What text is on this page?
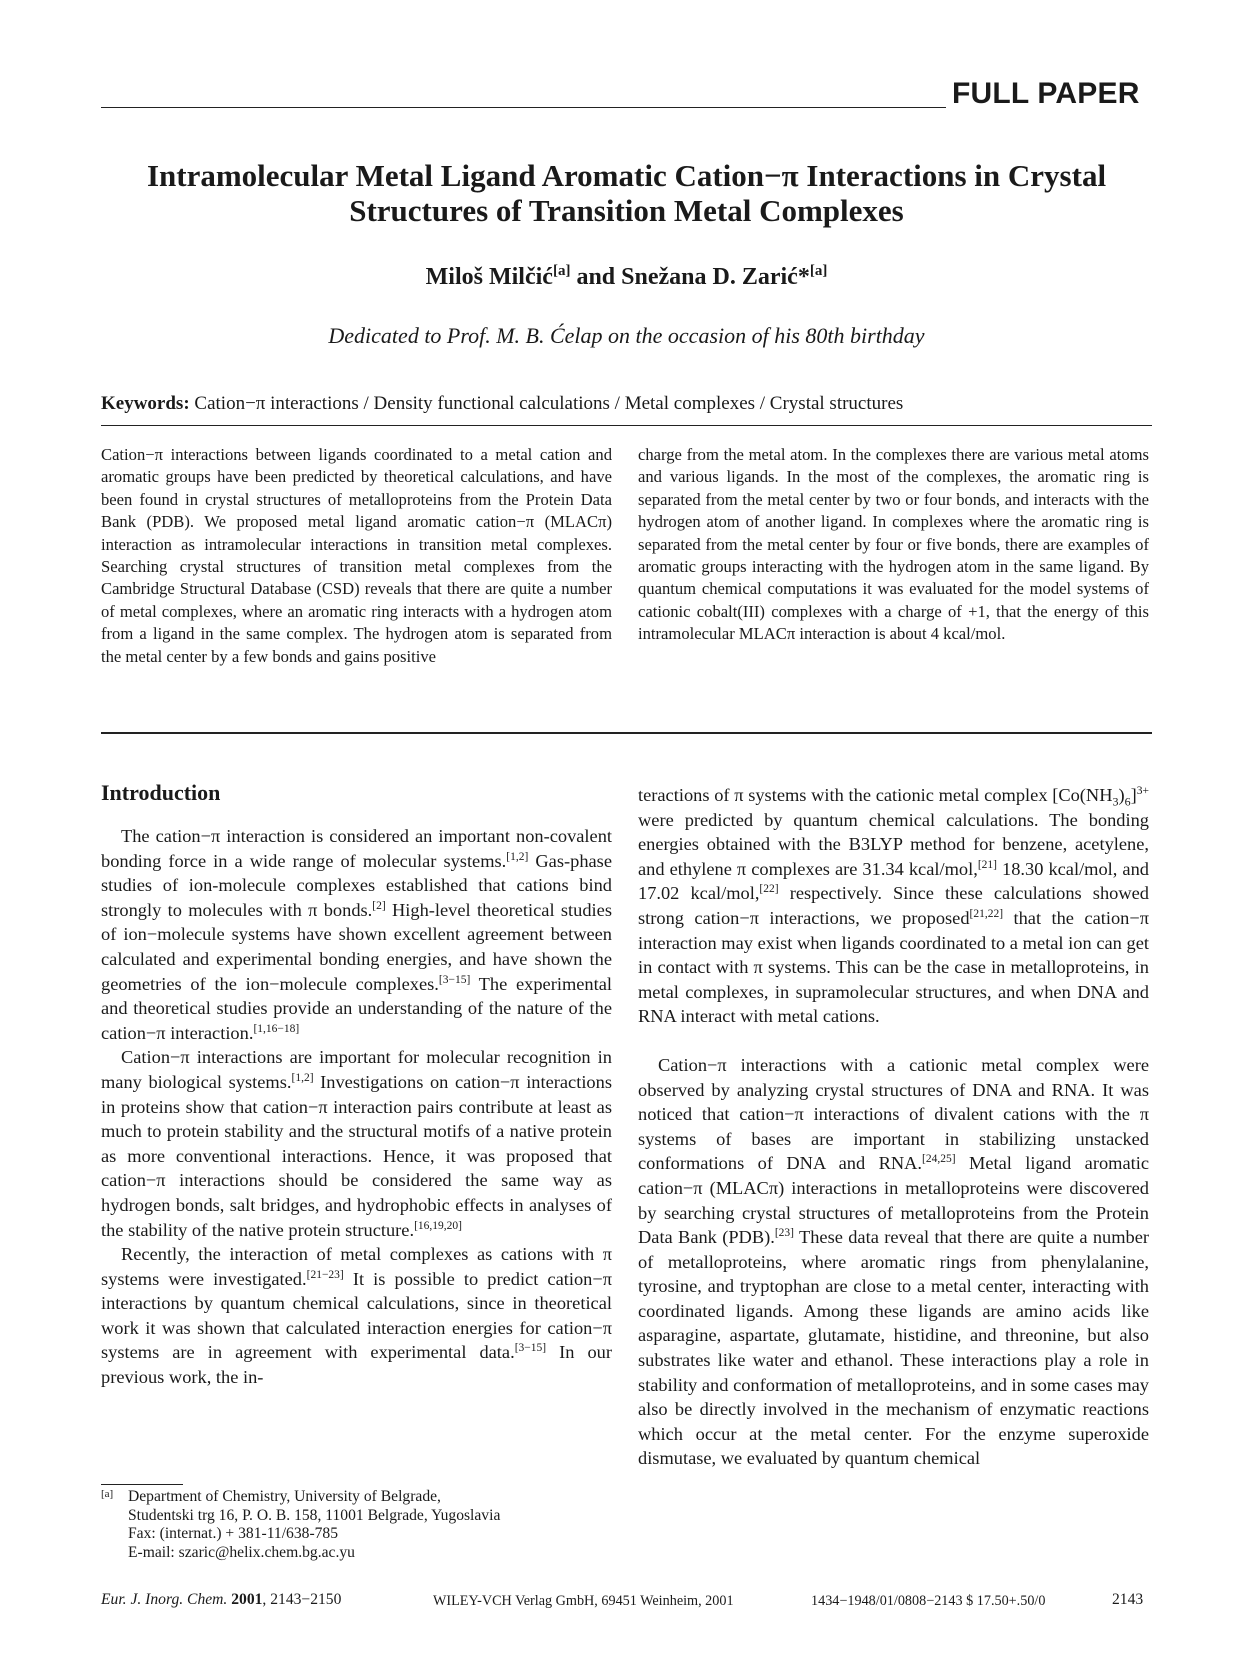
FULL PAPER
Intramolecular Metal Ligand Aromatic Cation−π Interactions in Crystal Structures of Transition Metal Complexes
Miloš Milčić[a] and Snežana D. Zarić*[a]
Dedicated to Prof. M. B. Ćelap on the occasion of his 80th birthday
Keywords: Cation−π interactions / Density functional calculations / Metal complexes / Crystal structures
Cation−π interactions between ligands coordinated to a metal cation and aromatic groups have been predicted by theoretical calculations, and have been found in crystal structures of metalloproteins from the Protein Data Bank (PDB). We proposed metal ligand aromatic cation−π (MLACπ) interaction as intramolecular interactions in transition metal complexes. Searching crystal structures of transition metal complexes from the Cambridge Structural Database (CSD) reveals that there are quite a number of metal complexes, where an aromatic ring interacts with a hydrogen atom from a ligand in the same complex. The hydrogen atom is separated from the metal center by a few bonds and gains positive
charge from the metal atom. In the complexes there are various metal atoms and various ligands. In the most of the complexes, the aromatic ring is separated from the metal center by two or four bonds, and interacts with the hydrogen atom of another ligand. In complexes where the aromatic ring is separated from the metal center by four or five bonds, there are examples of aromatic groups interacting with the hydrogen atom in the same ligand. By quantum chemical computations it was evaluated for the model systems of cationic cobalt(III) complexes with a charge of +1, that the energy of this intramolecular MLACπ interaction is about 4 kcal/mol.
Introduction

The cation−π interaction is considered an important non-covalent bonding force in a wide range of molecular systems.[1,2] Gas-phase studies of ion-molecule complexes established that cations bind strongly to molecules with π bonds.[2] High-level theoretical studies of ion−molecule systems have shown excellent agreement between calculated and experimental bonding energies, and have shown the geometries of the ion−molecule complexes.[3−15] The experimental and theoretical studies provide an understanding of the nature of the cation−π interaction.[1,16−18]

Cation−π interactions are important for molecular recognition in many biological systems.[1,2] Investigations on cation−π interactions in proteins show that cation−π interaction pairs contribute at least as much to protein stability and the structural motifs of a native protein as more conventional interactions. Hence, it was proposed that cation−π interactions should be considered the same way as hydrogen bonds, salt bridges, and hydrophobic effects in analyses of the stability of the native protein structure.[16,19,20]

Recently, the interaction of metal complexes as cations with π systems were investigated.[21−23] It is possible to predict cation−π interactions by quantum chemical calculations, since in theoretical work it was shown that calculated interaction energies for cation−π systems are in agreement with experimental data.[3−15] In our previous work, the in-

teractions of π systems with the cationic metal complex $[Co(NH_3)_6]^{3+}$ were predicted by quantum chemical calculations. The bonding energies obtained with the B3LYP method for benzene, acetylene, and ethylene π complexes are 31.34 kcal/mol,[21] 18.30 kcal/mol, and 17.02 kcal/mol,[22] respectively. Since these calculations showed strong cation−π interactions, we proposed[21,22] that the cation−π interaction may exist when ligands coordinated to a metal ion can get in contact with π systems. This can be the case in metalloproteins, in metal complexes, in supramolecular structures, and when DNA and RNA interact with metal cations.

Cation−π interactions with a cationic metal complex were observed by analyzing crystal structures of DNA and RNA. It was noticed that cation−π interactions of divalent cations with the π systems of bases are important in stabilizing unstacked conformations of DNA and RNA.[24,25] Metal ligand aromatic cation−π (MLACπ) interactions in metalloproteins were discovered by searching crystal structures of metalloproteins from the Protein Data Bank (PDB).[23] These data reveal that there are quite a number of metalloproteins, where aromatic rings from phenylalanine, tyrosine, and tryptophan are close to a metal center, interacting with coordinated ligands. Among these ligands are amino acids like asparagine, aspartate, glutamate, histidine, and threonine, but also substrates like water and ethanol. These interactions play a role in stability and conformation of metalloproteins, and in some cases may also be directly involved in the mechanism of enzymatic reactions which occur at the metal center. For the enzyme superoxide dismutase, we evaluated by quantum chemical

[a] Department of Chemistry, University of Belgrade,
Studentski trg 16, P. O. B. 158, 11001 Belgrade, Yugoslavia
Fax: (internat.) + 381-11/638-785
E-mail: szaric@helix.chem.bg.ac.yu
Eur. J. Inorg. Chem. 2001, 2143−2150	WILEY-VCH Verlag GmbH, 69451 Weinheim, 2001	1434−1948/01/0808−2143 $ 17.50+.50/0	2143
